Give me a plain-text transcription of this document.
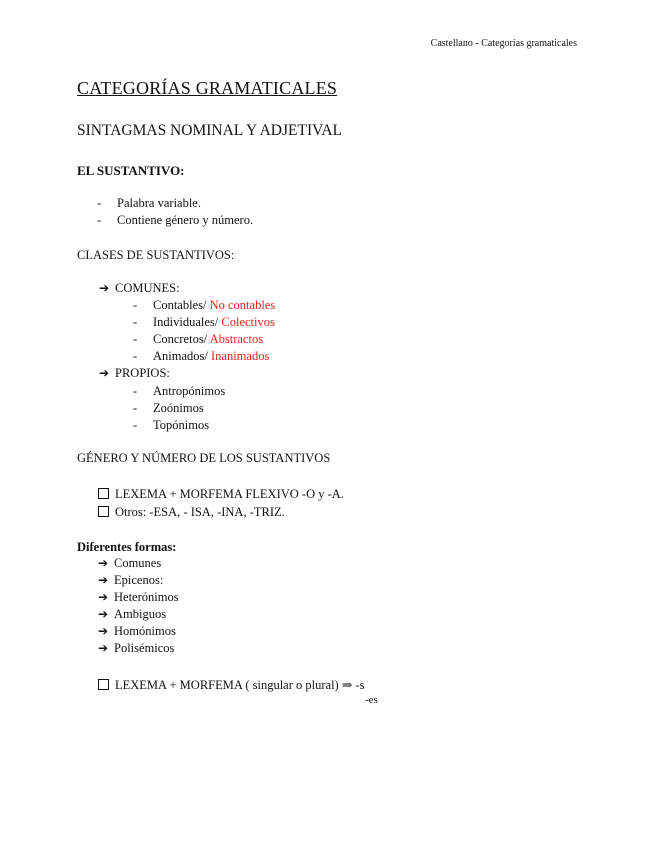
Castellano - Categorías gramaticales
CATEGORÍAS GRAMATICALES
SINTAGMAS NOMINAL Y ADJETIVAL
EL SUSTANTIVO:
- Palabra variable.
- Contiene género y número.
CLASES DE SUSTANTIVOS:
➔ COMUNES:
- Contables/ No contables
- Individuales/ Colectivos
- Concretos/ Abstractos
- Animados/ Inanimados
➔ PROPIOS:
- Antropónimos
- Zoónimos
- Topónimos
GÉNERO Y NÚMERO DE LOS SUSTANTIVOS
LEXEMA + MORFEMA FLEXIVO -O y -A.
Otros: -ESA, - ISA, -INA, -TRIZ.
Diferentes formas:
➔ Comunes
➔ Epicenos:
➔ Heterónimos
➔ Ambiguos
➔ Homónimos
➔ Polisémicos
LEXEMA + MORFEMA ( singular o plural) ⇒ -s
-es
